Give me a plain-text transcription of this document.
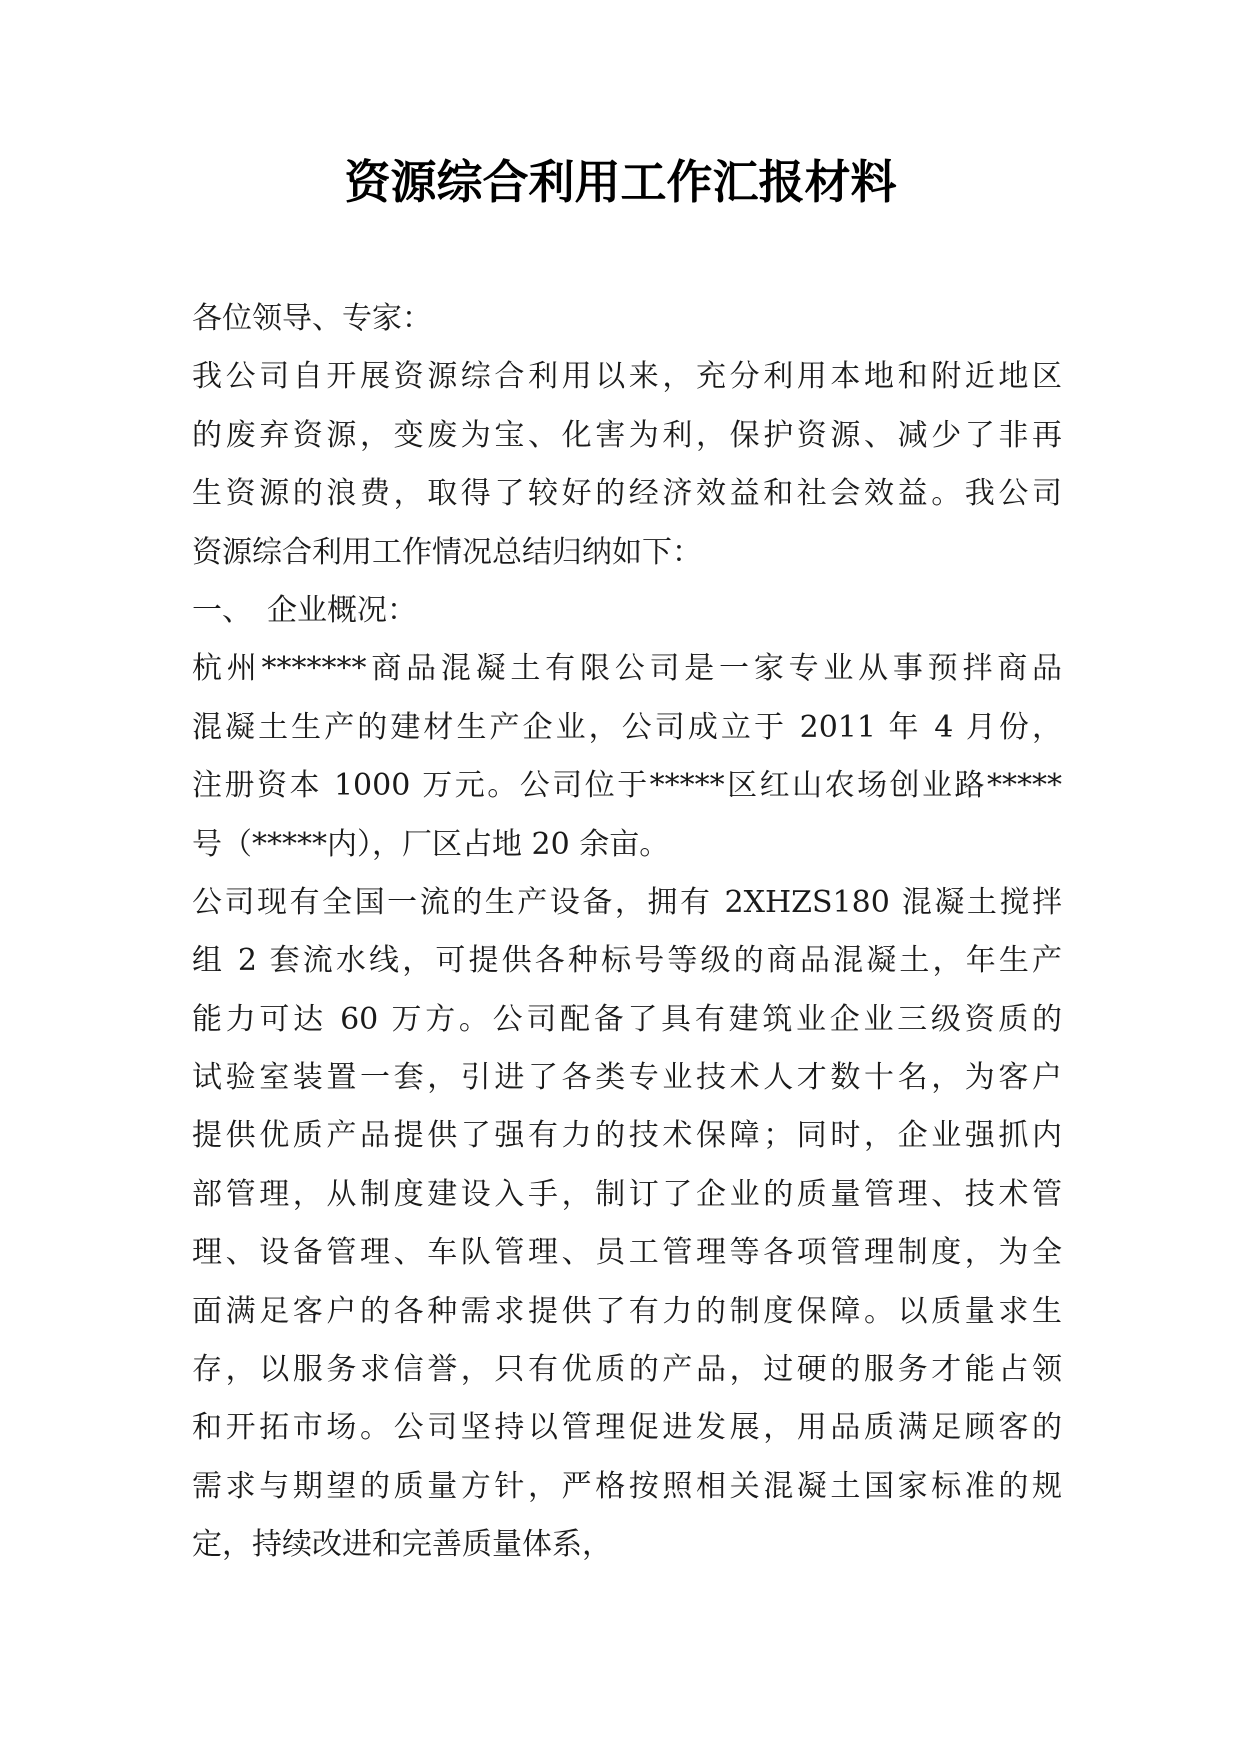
资源综合利用工作汇报材料
各位领导、专家：
我公司自开展资源综合利用以来，充分利用本地和附近地区
的废弃资源，变废为宝、化害为利，保护资源、减少了非再
生资源的浪费，取得了较好的经济效益和社会效益。我公司
资源综合利用工作情况总结归纳如下：
一、　企业概况：
杭州*******商品混凝土有限公司是一家专业从事预拌商品
混凝土生产的建材生产企业，公司成立于 2011 年 4 月份，
注册资本 1000 万元。公司位于*****区红山农场创业路*****
号（*****内），厂区占地 20 余亩。
公司现有全国一流的生产设备，拥有 2XHZS180 混凝土搅拌
组 2 套流水线，可提供各种标号等级的商品混凝土，年生产
能力可达 60 万方。公司配备了具有建筑业企业三级资质的
试验室装置一套，引进了各类专业技术人才数十名，为客户
提供优质产品提供了强有力的技术保障；同时，企业强抓内
部管理，从制度建设入手，制订了企业的质量管理、技术管
理、设备管理、车队管理、员工管理等各项管理制度，为全
面满足客户的各种需求提供了有力的制度保障。以质量求生
存，以服务求信誉，只有优质的产品，过硬的服务才能占领
和开拓市场。公司坚持以管理促进发展，用品质满足顾客的
需求与期望的质量方针，严格按照相关混凝土国家标准的规
定，持续改进和完善质量体系，
